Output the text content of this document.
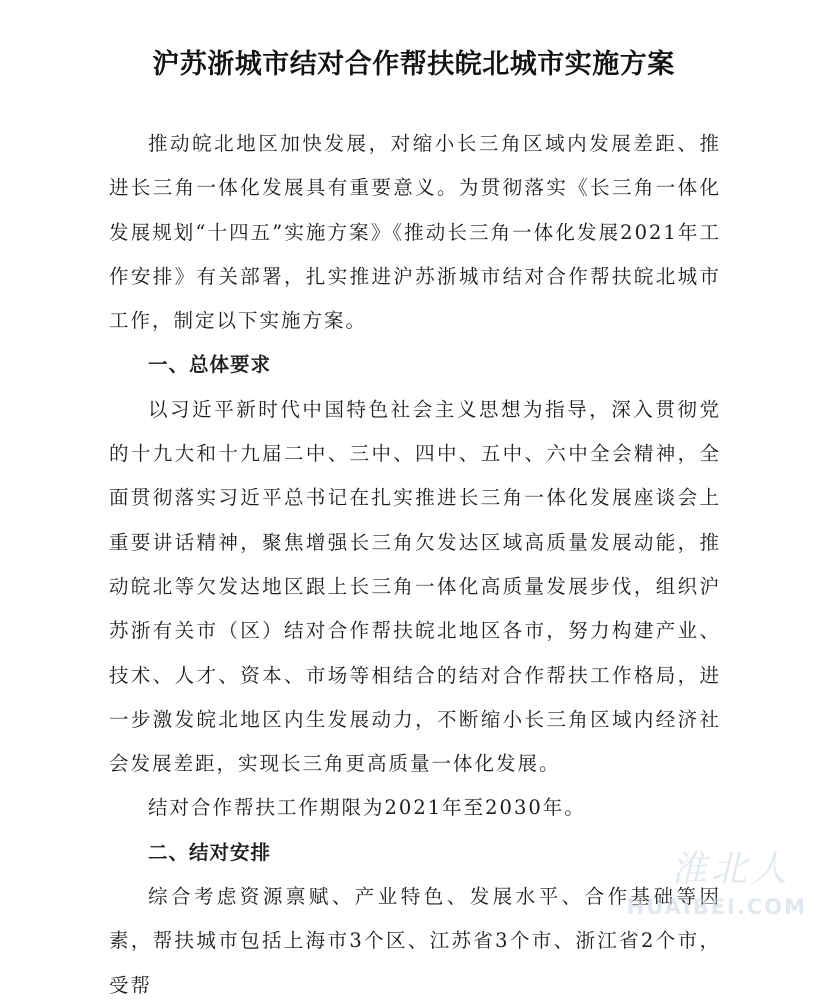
沪苏浙城市结对合作帮扶皖北城市实施方案

推动皖北地区加快发展，对缩小长三角区域内发展差距、推进长三角一体化发展具有重要意义。为贯彻落实《长三角一体化发展规划“十四五”实施方案》《推动长三角一体化发展2021年工作安排》有关部署，扎实推进沪苏浙城市结对合作帮扶皖北城市工作，制定以下实施方案。

一、总体要求

以习近平新时代中国特色社会主义思想为指导，深入贯彻党的十九大和十九届二中、三中、四中、五中、六中全会精神，全面贯彻落实习近平总书记在扎实推进长三角一体化发展座谈会上重要讲话精神，聚焦增强长三角欠发达区域高质量发展动能，推动皖北等欠发达地区跟上长三角一体化高质量发展步伐，组织沪苏浙有关市（区）结对合作帮扶皖北地区各市，努力构建产业、技术、人才、资本、市场等相结合的结对合作帮扶工作格局，进一步激发皖北地区内生发展动力，不断缩小长三角区域内经济社会发展差距，实现长三角更高质量一体化发展。

结对合作帮扶工作期限为2021年至2030年。

二、结对安排

综合考虑资源禀赋、产业特色、发展水平、合作基础等因素，帮扶城市包括上海市3个区、江苏省3个市、浙江省2个市，受帮

淮北人
HUAIBEI.COM
